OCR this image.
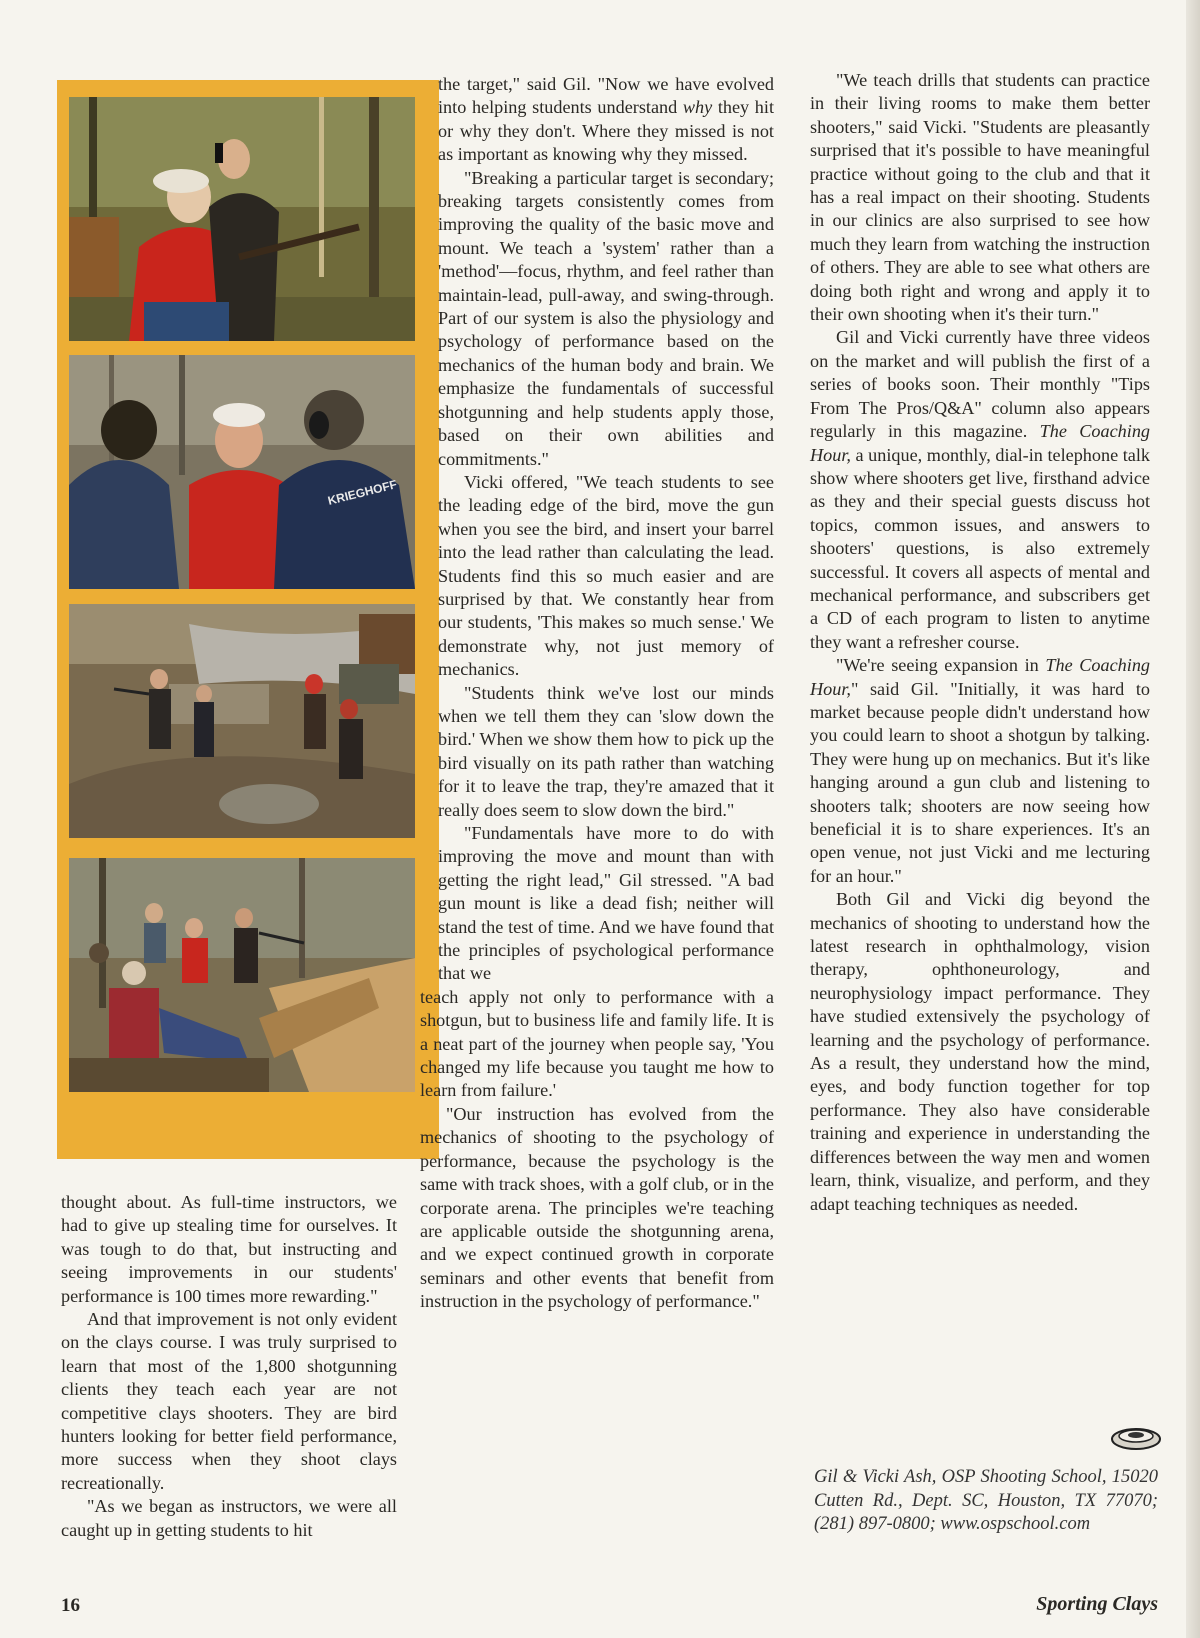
KRIEGHOFF

thought about. As full-time instructors, we had to give up stealing time for ourselves. It was tough to do that, but instructing and seeing improvements in our students' performance is 100 times more rewarding."

And that improvement is not only evident on the clays course. I was truly surprised to learn that most of the 1,800 shotgunning clients they teach each year are not competitive clays shooters. They are bird hunters looking for better field performance, more success when they shoot clays recreationally.

"As we began as instructors, we were all caught up in getting students to hit

the target," said Gil. "Now we have evolved into helping students understand why they hit or why they don't. Where they missed is not as important as knowing why they missed.

"Breaking a particular target is secondary; breaking targets consistently comes from improving the quality of the basic move and mount. We teach a 'system' rather than a 'method'—focus, rhythm, and feel rather than maintain-lead, pull-away, and swing-through. Part of our system is also the physiology and psychology of performance based on the mechanics of the human body and brain. We emphasize the fundamentals of successful shotgunning and help students apply those, based on their own abilities and commitments."

Vicki offered, "We teach students to see the leading edge of the bird, move the gun when you see the bird, and insert your barrel into the lead rather than calculating the lead. Students find this so much easier and are surprised by that. We constantly hear from our students, 'This makes so much sense.' We demonstrate why, not just memory of mechanics.

"Students think we've lost our minds when we tell them they can 'slow down the bird.' When we show them how to pick up the bird visually on its path rather than watching for it to leave the trap, they're amazed that it really does seem to slow down the bird."

"Fundamentals have more to do with improving the move and mount than with getting the right lead," Gil stressed. "A bad gun mount is like a dead fish; neither will stand the test of time. And we have found that the principles of psychological performance that we

teach apply not only to performance with a shotgun, but to business life and family life. It is a neat part of the journey when people say, 'You changed my life because you taught me how to learn from failure.'

"Our instruction has evolved from the mechanics of shooting to the psychology of performance, because the psychology is the same with track shoes, with a golf club, or in the corporate arena. The principles we're teaching are applicable outside the shotgunning arena, and we expect continued growth in corporate seminars and other events that benefit from instruction in the psychology of performance."

"We teach drills that students can practice in their living rooms to make them better shooters," said Vicki. "Students are pleasantly surprised that it's possible to have meaningful practice without going to the club and that it has a real impact on their shooting. Students in our clinics are also surprised to see how much they learn from watching the instruction of others. They are able to see what others are doing both right and wrong and apply it to their own shooting when it's their turn."

Gil and Vicki currently have three videos on the market and will publish the first of a series of books soon. Their monthly "Tips From The Pros/Q&A" column also appears regularly in this magazine. The Coaching Hour, a unique, monthly, dial-in telephone talk show where shooters get live, firsthand advice as they and their special guests discuss hot topics, common issues, and answers to shooters' questions, is also extremely successful. It covers all aspects of mental and mechanical performance, and subscribers get a CD of each program to listen to anytime they want a refresher course.

"We're seeing expansion in The Coaching Hour," said Gil. "Initially, it was hard to market because people didn't understand how you could learn to shoot a shotgun by talking. They were hung up on mechanics. But it's like hanging around a gun club and listening to shooters talk; shooters are now seeing how beneficial it is to share experiences. It's an open venue, not just Vicki and me lecturing for an hour."

Both Gil and Vicki dig beyond the mechanics of shooting to understand how the latest research in ophthalmology, vision therapy, ophthoneurology, and neurophysiology impact performance. They have studied extensively the psychology of learning and the psychology of performance. As a result, they understand how the mind, eyes, and body function together for top performance. They also have considerable training and experience in understanding the differences between the way men and women learn, think, visualize, and perform, and they adapt teaching techniques as needed.

Gil & Vicki Ash, OSP Shooting School, 15020 Cutten Rd., Dept. SC, Houston, TX 77070; (281) 897-0800; www.ospschool.com
16	Sporting Clays
